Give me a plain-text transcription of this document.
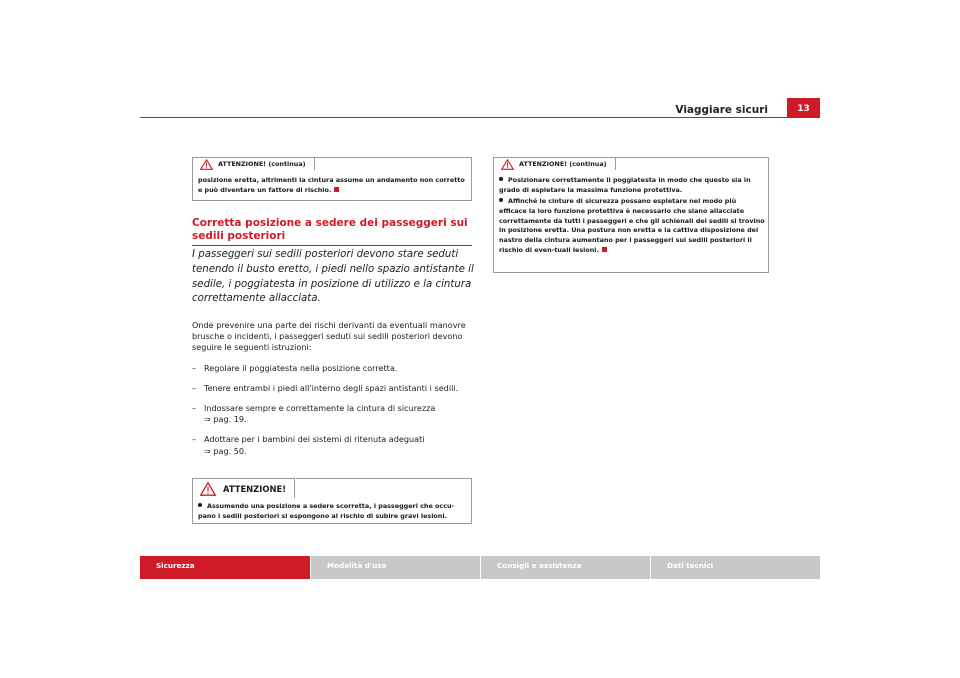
Viaggiare sicuri	13
ATTENZIONE! (continua)
posizione eretta, altrimenti la cintura assume un andamento non corretto e può diventare un fattore di rischio.
Corretta posizione a sedere dei passeggeri sui sedili posteriori
I passeggeri sui sedili posteriori devono stare seduti tenendo il busto eretto, i piedi nello spazio antistante il sedile, i poggiatesta in posizione di utilizzo e la cintura correttamente allacciata.
Onde prevenire una parte dei rischi derivanti da eventuali manovre brusche o incidenti, i passeggeri seduti sui sedili posteriori devono seguire le seguenti istruzioni:
– Regolare il poggiatesta nella posizione corretta.
– Tenere entrambi i piedi all'interno degli spazi antistanti i sedili.
– Indossare sempre e correttamente la cintura di sicurezza
⇒ pag. 19.
– Adottare per i bambini dei sistemi di ritenuta adeguati
⇒ pag. 50.
ATTENZIONE!
Assumendo una posizione a sedere scorretta, i passeggeri che occu-pano i sedili posteriori si espongono al rischio di subire gravi lesioni.
ATTENZIONE! (continua)

Posizionare correttamente il poggiatesta in modo che questo sia in grado di espletare la massima funzione protettiva.

Affinché le cinture di sicurezza possano espletare nel modo più efficace la loro funzione protettiva è necessario che siano allacciate correttamente da tutti i passeggeri e che gli schienali dei sedili si trovino in posizione eretta. Una postura non eretta e la cattiva disposizione del nastro della cintura aumentano per i passeggeri sui sedili posteriori il rischio di even-tuali lesioni.

Sicurezza	Modalità d'uso	Consigli e assistenza	Dati tecnici
